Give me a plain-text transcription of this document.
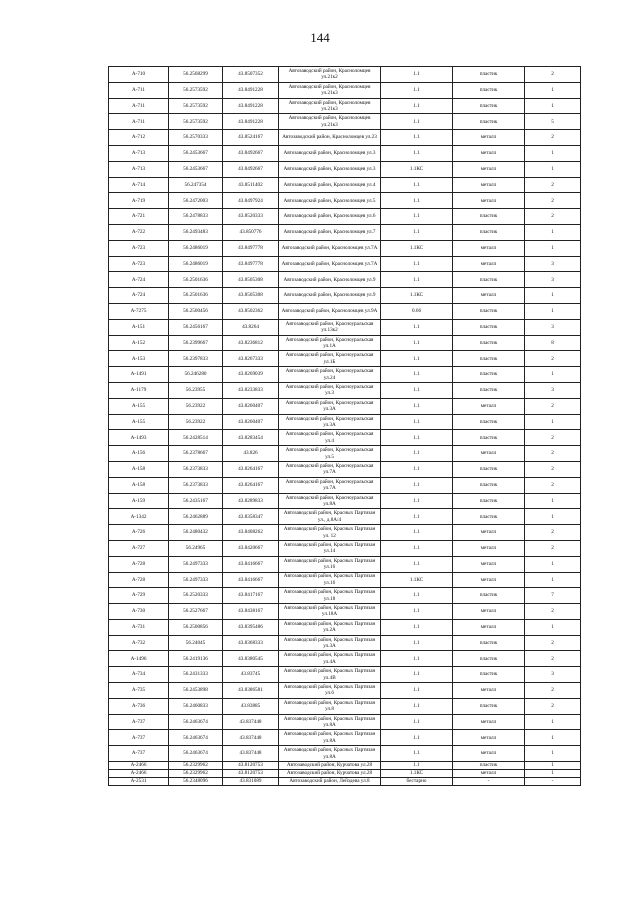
144
А-710	56.2568299	43.8507352	Автозаводский район, Красноломцев ул.21к2	1.1	пластик	2
А-711	56.2573592	43.8491228	Автозаводский район, Красноломцев ул.21к3	1.1	пластик	1
А-711	56.2573592	43.8491228	Автозаводский район, Красноломцев ул.21к3	1.1	пластик	1
А-711	56.2573592	43.8491228	Автозаводский район, Красноломцев ул.21к3	1.1	пластик	5
А-712	56.2570333	43.8524167	Автозаводский район, Красноломцев ул.23	1.1	металл	2
А-713	56.2453667	43.8492667	Автозаводский район, Красноломцев ул.3	1.1	металл	1
А-713	56.2453667	43.8492667	Автозаводский район, Красноломцев ул.3	1.1КС	металл	1
А-714	56.247354	43.8511402	Автозаводский район, Красноломцев ул.4	1.1	металл	2
А-719	56.2472003	43.8497924	Автозаводский район, Красноломцев ул.5	1.1	металл	2
А-721	56.2478833	43.8520333	Автозаводский район, Красноломцев ул.6	1.1	пластик	2
А-722	56.2493483	43.850776	Автозаводский район, Красноломцев ул.7	1.1	пластик	1
А-723	56.2486019	43.8497778	Автозаводский район, Красноломцев ул.7А	1.1КС	металл	1
А-723	56.2486019	43.8497778	Автозаводский район, Красноломцев ул.7А	1.1	металл	3
А-724	56.2501636	43.8505308	Автозаводский район, Красноломцев ул.9	1.1	пластик	3
А-724	56.2501636	43.8505308	Автозаводский район, Красноломцев ул.9	1.1КС	металл	1
А-7275	56.2500456	43.8502362	Автозаводский район, Красноломцев ул.9А	0.66	пластик	1
А-151	56.2456167	43.8264	Автозаводский район, Красноуральская ул.13к2	1.1	пластик	3
А-152	56.2399667	43.8236812	Автозаводский район, Красноуральская ул.1А	1.1	пластик	8
А-153	56.2397833	43.8267333	Автозаводский район, Красноуральская ул.1Б	1.1	пластик	2
А-1491	56.246280	43.8269039	Автозаводский район, Красноуральская ул.24	1.1	пластик	1
А-1179	56.23955	43.8233833	Автозаводский район, Красноуральская ул.3	1.1	пластик	3
А-155	56.23922	43.8260407	Автозаводский район, Красноуральская ул.3А	1.1	металл	2
А-155	56.23922	43.8260407	Автозаводский район, Красноуральская ул.3А	1.1	пластик	1
А-1493	56.2428514	43.8283454	Автозаводский район, Красноуральская ул.4	1.1	пластик	2
А-156	56.2378667	43.826	Автозаводский район, Красноуральская ул.5	1.1	металл	2
А-158	56.2373833	43.8264167	Автозаводский район, Красноуральская ул.7А	1.1	пластик	2
А-158	56.2373833	43.8264167	Автозаводский район, Красноуральская ул.7А	1.1	пластик	2
А-159	56.2435167	43.8289833	Автозаводский район, Красноуральская ул.8А	1.1	пластик	1
А-1342	56.2462889	43.8358347	Автозаводский район, Красных Партизан ул., д.8А/4	1.1	пластик	1
А-726	56.2480432	43.8408262	Автозаводский район, Красных Партизан ул. 12	1.1	металл	2
А-727	56.24965	43.8420667	Автозаводский район, Красных Партизан ул.14	1.1	металл	2
А-728	56.2497333	43.8416667	Автозаводский район, Красных Партизан ул.16	1.1	металл	1
А-728	56.2497333	43.8416667	Автозаводский район, Красных Партизан ул.16	1.1КС	металл	1
А-729	56.2520333	43.8417167	Автозаводский район, Красных Партизан ул.18	1.1	пластик	7
А-730	56.2527667	43.8438167	Автозаводский район, Красных Партизан ул.18А	1.1	металл	2
А-731	56.2500856	43.8395486	Автозаводский район, Красных Партизан ул.2А	1.1	металл	1
А-732	56.24045	43.8368333	Автозаводский район, Красных Партизан ул.3А	1.1	пластик	2
А-1496	56.2419136	43.8380545	Автозаводский район, Красных Партизан ул.4А	1.1	пластик	2
А-734	56.2431333	43.83745	Автозаводский район, Красных Партизан ул.4В	1.1	пластик	3
А-735	56.2453898	43.8386581	Автозаводский район, Красных Партизан ул.6	1.1	металл	2
А-736	56.2460833	43.83885	Автозаводский район, Красных Партизан ул.8	1.1	пластик	2
А-737	56.2463674	43.837448	Автозаводский район, Красных Партизан ул.8А	1.1	металл	1
А-737	56.2463674	43.837448	Автозаводский район, Красных Партизан ул.8А	1.1	металл	1
А-737	56.2463674	43.837448	Автозаводский район, Красных Партизан ул.8А	1.1	металл	1
А-2466	56.2329962	43.8120753	Автозаводский район, Курчатова ул.28	1.1	пластик	1
А-2466	56.2329962	43.8120753	Автозаводский район, Курчатова ул.28	1.1КС	металл	1
А-2531	56.2348096	43.831089	Автозаводский район, Лейздева ул.8	бестарно	-	-
